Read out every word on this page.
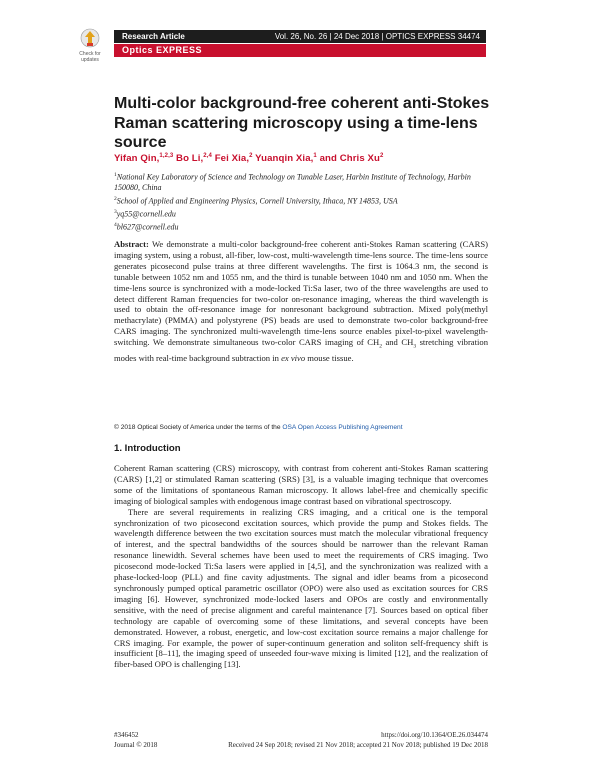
Check for updates
Research Article	Vol. 26, No. 26 | 24 Dec 2018 | OPTICS EXPRESS 34474
Optics EXPRESS
Multi-color background-free coherent anti-Stokes Raman scattering microscopy using a time-lens source
Yifan Qin,$^{1,2,3}$ Bo Li,$^{2,4}$ Fei Xia,$^2$ Yuanqin Xia,$^1$ and Chris Xu$^2$
$^1$National Key Laboratory of Science and Technology on Tunable Laser, Harbin Institute of Technology, Harbin 150080, China
$^2$School of Applied and Engineering Physics, Cornell University, Ithaca, NY 14853, USA
$^3$yq55@cornell.edu
$^4$bl627@cornell.edu

Abstract: We demonstrate a multi-color background-free coherent anti-Stokes Raman scattering (CARS) imaging system, using a robust, all-fiber, low-cost, multi-wavelength time-lens source. The time-lens source generates picosecond pulse trains at three different wavelengths. The first is 1064.3 nm, the second is tunable between 1052 nm and 1055 nm, and the third is tunable between 1040 nm and 1050 nm. When the time-lens source is synchronized with a mode-locked Ti:Sa laser, two of the three wavelengths are used to detect different Raman frequencies for two-color on-resonance imaging, whereas the third wavelength is used to obtain the off-resonance image for nonresonant background subtraction. Mixed poly(methyl methacrylate) (PMMA) and polystyrene (PS) beads are used to demonstrate two-color background-free CARS imaging. The synchronized multi-wavelength time-lens source enables pixel-to-pixel wavelength-switching. We demonstrate simultaneous two-color CARS imaging of $CH_2$ and $CH_3$ stretching vibration modes with real-time background subtraction in ex vivo mouse tissue.

© 2018 Optical Society of America under the terms of the OSA Open Access Publishing Agreement
1. Introduction

Coherent Raman scattering (CRS) microscopy, with contrast from coherent anti-Stokes Raman scattering (CARS) [1,2] or stimulated Raman scattering (SRS) [3], is a valuable imaging technique that overcomes some of the limitations of spontaneous Raman microscopy. It allows label-free and chemically specific imaging of biological samples with endogenous image contrast based on vibrational spectroscopy.

There are several requirements in realizing CRS imaging, and a critical one is the temporal synchronization of two picosecond excitation sources, which provide the pump and Stokes fields. The wavelength difference between the two excitation sources must match the molecular vibrational frequency of interest, and the spectral bandwidths of the sources should be narrower than the relevant Raman resonance linewidth. Several schemes have been used to meet the requirements of CRS imaging. Two picosecond mode-locked Ti:Sa lasers were applied in [4,5], and the synchronization was realized with a phase-locked-loop (PLL) and fine cavity adjustments. The signal and idler beams from a picosecond synchronously pumped optical parametric oscillator (OPO) were also used as excitation sources for CRS imaging [6]. However, synchronized mode-locked lasers and OPOs are costly and environmentally sensitive, with the need of precise alignment and careful maintenance [7]. Sources based on optical fiber technology are capable of overcoming some of these limitations, and several concepts have been demonstrated. However, a robust, energetic, and low-cost excitation source remains a major challenge for CRS imaging. For example, the power of super-continuum generation and soliton self-frequency shift is insufficient [8–11], the imaging speed of unseeded four-wave mixing is limited [12], and the realization of fiber-based OPO is challenging [13].

#346452	https://doi.org/10.1364/OE.26.034474
Journal © 2018	Received 24 Sep 2018; revised 21 Nov 2018; accepted 21 Nov 2018; published 19 Dec 2018
